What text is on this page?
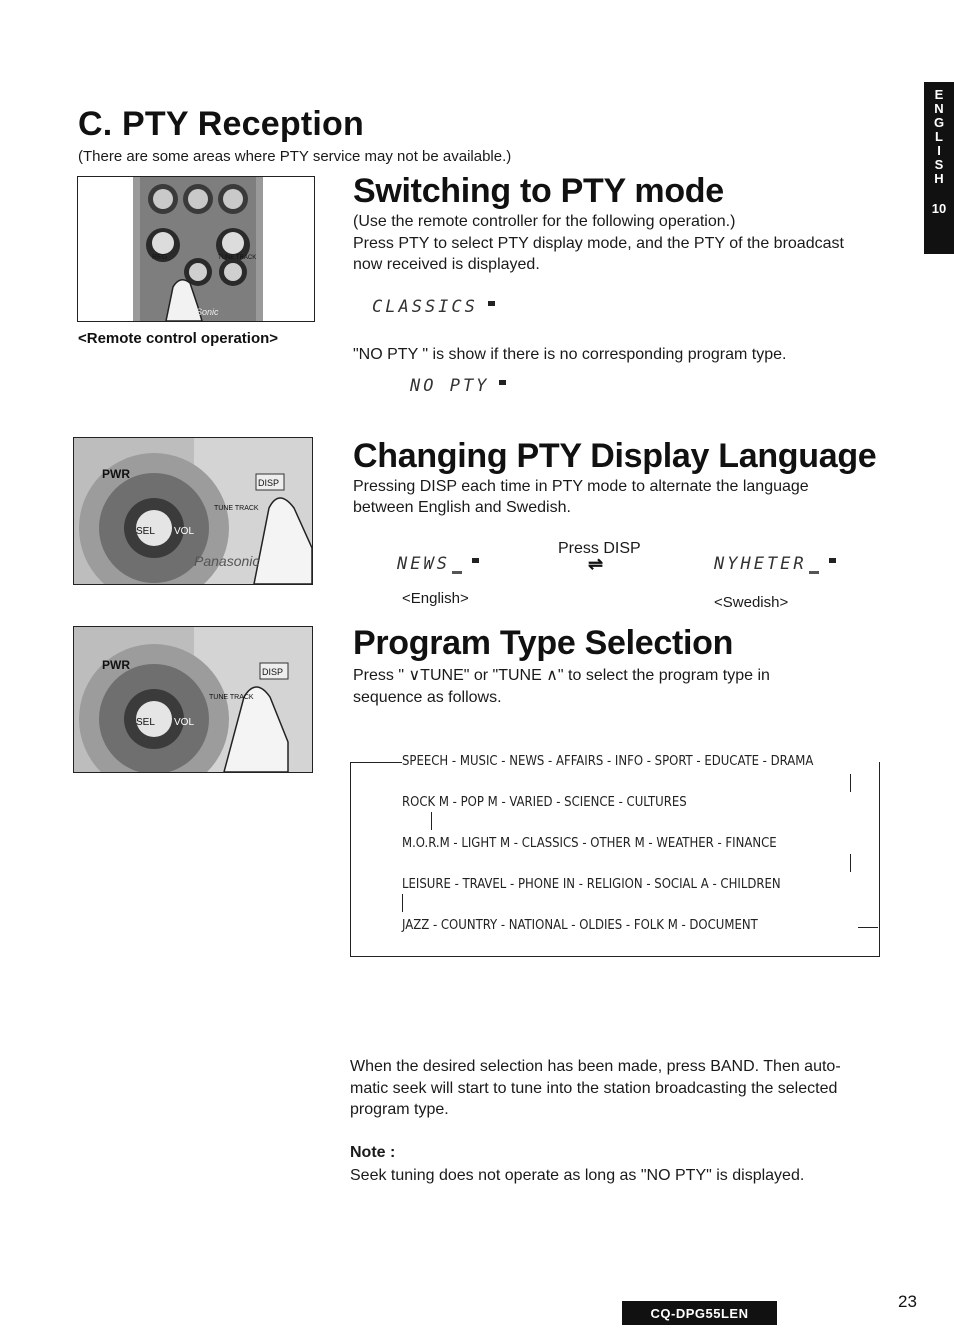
E
N
G
L
I
S
H
10
C. PTY Reception
(There are some areas where PTY service may not be available.)
REG	TUNE TRACK
Sonic
<Remote control operation>
Switching to PTY mode
(Use the remote controller for the following operation.)
Press PTY to select PTY display mode, and the PTY of the broadcast
now received is displayed.
CLASSICS
"NO PTY " is show if there is no corresponding program type.
NO PTY
PWR
VOL
SEL
DISP
TUNE TRACK
Panasonic
Changing PTY Display Language
Pressing DISP each time in PTY mode to alternate the language
between English and Swedish.
Press DISP
⇌
NEWS	NYHETER
<English>	<Swedish>
PWR
VOL
SEL
DISP
TUNE TRACK
Program Type Selection
Press " ∨TUNE" or "TUNE ∧" to select the program type in
sequence as follows.
SPEECH - MUSIC - NEWS - AFFAIRS - INFO - SPORT - EDUCATE - DRAMA
ROCK M - POP M - VARIED - SCIENCE - CULTURES
M.O.R.M - LIGHT M - CLASSICS - OTHER M - WEATHER - FINANCE
LEISURE - TRAVEL - PHONE IN - RELIGION - SOCIAL A - CHILDREN
JAZZ - COUNTRY - NATIONAL - OLDIES - FOLK M - DOCUMENT
When the desired selection has been made, press BAND. Then auto-
matic seek will start to tune into the station broadcasting the selected
program type.
Note :
Seek tuning does not operate as long as "NO PTY" is displayed.
CQ-DPG55LEN
23
